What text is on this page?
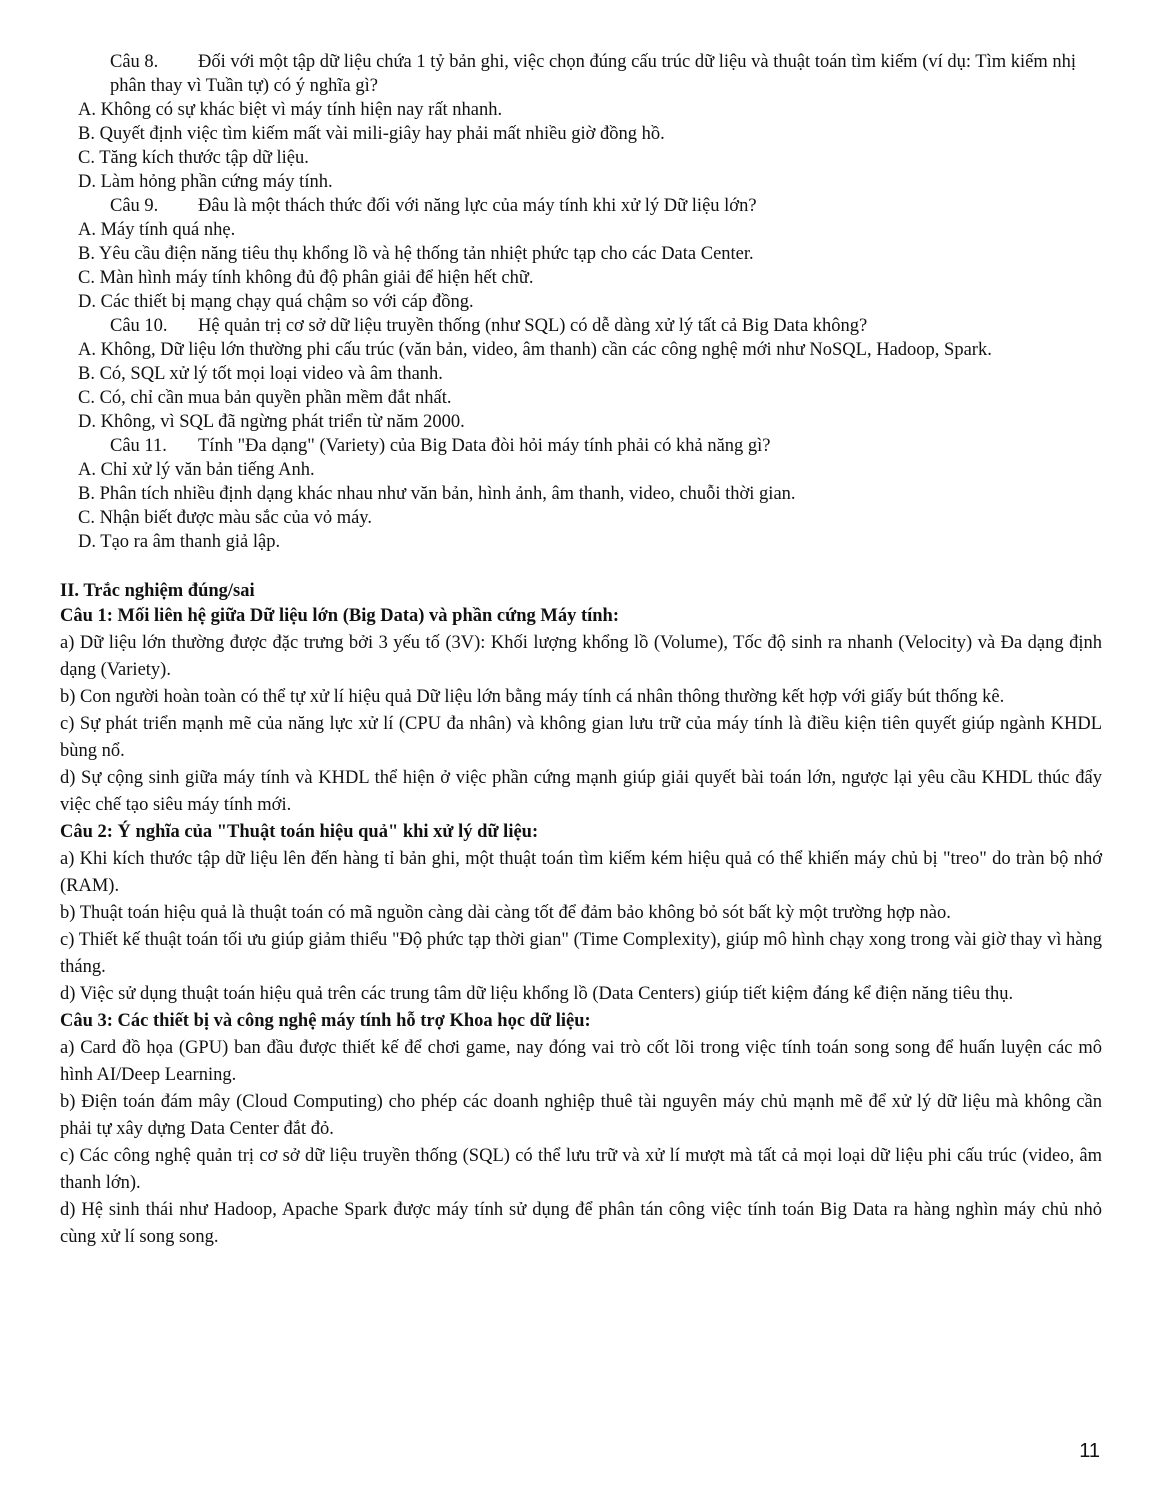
Câu 8. Đối với một tập dữ liệu chứa 1 tỷ bản ghi, việc chọn đúng cấu trúc dữ liệu và thuật toán tìm kiếm (ví dụ: Tìm kiếm nhị phân thay vì Tuần tự) có ý nghĩa gì?
A. Không có sự khác biệt vì máy tính hiện nay rất nhanh.
B. Quyết định việc tìm kiếm mất vài mili-giây hay phải mất nhiều giờ đồng hồ.
C. Tăng kích thước tập dữ liệu.
D. Làm hỏng phần cứng máy tính.
Câu 9. Đâu là một thách thức đối với năng lực của máy tính khi xử lý Dữ liệu lớn?
A. Máy tính quá nhẹ.
B. Yêu cầu điện năng tiêu thụ khổng lồ và hệ thống tản nhiệt phức tạp cho các Data Center.
C. Màn hình máy tính không đủ độ phân giải để hiện hết chữ.
D. Các thiết bị mạng chạy quá chậm so với cáp đồng.
Câu 10. Hệ quản trị cơ sở dữ liệu truyền thống (như SQL) có dễ dàng xử lý tất cả Big Data không?
A. Không, Dữ liệu lớn thường phi cấu trúc (văn bản, video, âm thanh) cần các công nghệ mới như NoSQL, Hadoop, Spark.
B. Có, SQL xử lý tốt mọi loại video và âm thanh.
C. Có, chỉ cần mua bản quyền phần mềm đắt nhất.
D. Không, vì SQL đã ngừng phát triển từ năm 2000.
Câu 11. Tính "Đa dạng" (Variety) của Big Data đòi hỏi máy tính phải có khả năng gì?
A. Chỉ xử lý văn bản tiếng Anh.
B. Phân tích nhiều định dạng khác nhau như văn bản, hình ảnh, âm thanh, video, chuỗi thời gian.
C. Nhận biết được màu sắc của vỏ máy.
D. Tạo ra âm thanh giả lập.
II. Trắc nghiệm đúng/sai
Câu 1: Mối liên hệ giữa Dữ liệu lớn (Big Data) và phần cứng Máy tính:
a) Dữ liệu lớn thường được đặc trưng bởi 3 yếu tố (3V): Khối lượng khổng lồ (Volume), Tốc độ sinh ra nhanh (Velocity) và Đa dạng định dạng (Variety).
b) Con người hoàn toàn có thể tự xử lí hiệu quả Dữ liệu lớn bằng máy tính cá nhân thông thường kết hợp với giấy bút thống kê.
c) Sự phát triển mạnh mẽ của năng lực xử lí (CPU đa nhân) và không gian lưu trữ của máy tính là điều kiện tiên quyết giúp ngành KHDL bùng nổ.
d) Sự cộng sinh giữa máy tính và KHDL thể hiện ở việc phần cứng mạnh giúp giải quyết bài toán lớn, ngược lại yêu cầu KHDL thúc đẩy việc chế tạo siêu máy tính mới.
Câu 2: Ý nghĩa của "Thuật toán hiệu quả" khi xử lý dữ liệu:
a) Khi kích thước tập dữ liệu lên đến hàng tỉ bản ghi, một thuật toán tìm kiếm kém hiệu quả có thể khiến máy chủ bị "treo" do tràn bộ nhớ (RAM).
b) Thuật toán hiệu quả là thuật toán có mã nguồn càng dài càng tốt để đảm bảo không bỏ sót bất kỳ một trường hợp nào.
c) Thiết kế thuật toán tối ưu giúp giảm thiểu "Độ phức tạp thời gian" (Time Complexity), giúp mô hình chạy xong trong vài giờ thay vì hàng tháng.
d) Việc sử dụng thuật toán hiệu quả trên các trung tâm dữ liệu khổng lồ (Data Centers) giúp tiết kiệm đáng kể điện năng tiêu thụ.
Câu 3: Các thiết bị và công nghệ máy tính hỗ trợ Khoa học dữ liệu:
a) Card đồ họa (GPU) ban đầu được thiết kế để chơi game, nay đóng vai trò cốt lõi trong việc tính toán song song để huấn luyện các mô hình AI/Deep Learning.
b) Điện toán đám mây (Cloud Computing) cho phép các doanh nghiệp thuê tài nguyên máy chủ mạnh mẽ để xử lý dữ liệu mà không cần phải tự xây dựng Data Center đắt đỏ.
c) Các công nghệ quản trị cơ sở dữ liệu truyền thống (SQL) có thể lưu trữ và xử lí mượt mà tất cả mọi loại dữ liệu phi cấu trúc (video, âm thanh lớn).
d) Hệ sinh thái như Hadoop, Apache Spark được máy tính sử dụng để phân tán công việc tính toán Big Data ra hàng nghìn máy chủ nhỏ cùng xử lí song song.
11
